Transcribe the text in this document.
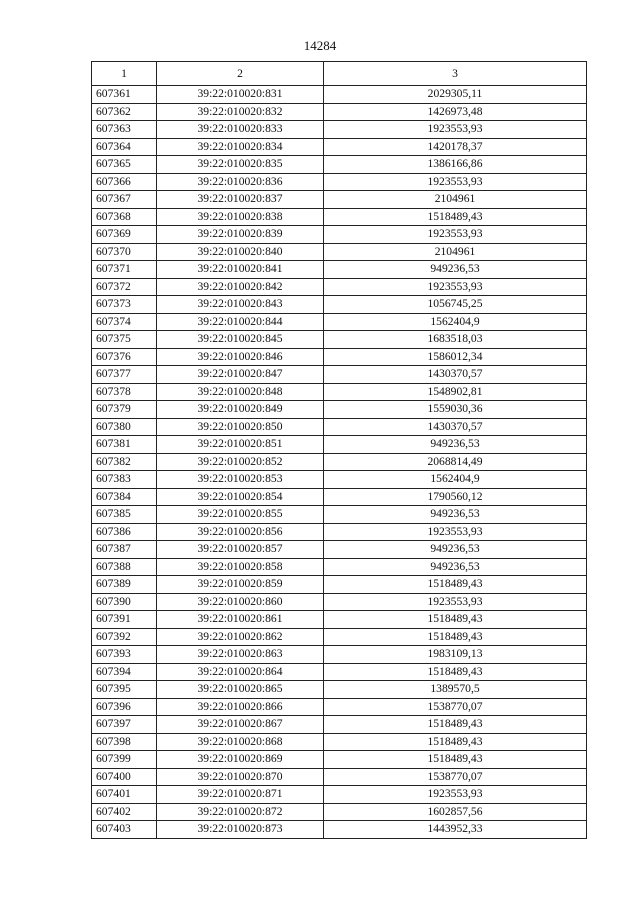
14284
1	2	3
607361	39:22:010020:831	2029305,11
607362	39:22:010020:832	1426973,48
607363	39:22:010020:833	1923553,93
607364	39:22:010020:834	1420178,37
607365	39:22:010020:835	1386166,86
607366	39:22:010020:836	1923553,93
607367	39:22:010020:837	2104961
607368	39:22:010020:838	1518489,43
607369	39:22:010020:839	1923553,93
607370	39:22:010020:840	2104961
607371	39:22:010020:841	949236,53
607372	39:22:010020:842	1923553,93
607373	39:22:010020:843	1056745,25
607374	39:22:010020:844	1562404,9
607375	39:22:010020:845	1683518,03
607376	39:22:010020:846	1586012,34
607377	39:22:010020:847	1430370,57
607378	39:22:010020:848	1548902,81
607379	39:22:010020:849	1559030,36
607380	39:22:010020:850	1430370,57
607381	39:22:010020:851	949236,53
607382	39:22:010020:852	2068814,49
607383	39:22:010020:853	1562404,9
607384	39:22:010020:854	1790560,12
607385	39:22:010020:855	949236,53
607386	39:22:010020:856	1923553,93
607387	39:22:010020:857	949236,53
607388	39:22:010020:858	949236,53
607389	39:22:010020:859	1518489,43
607390	39:22:010020:860	1923553,93
607391	39:22:010020:861	1518489,43
607392	39:22:010020:862	1518489,43
607393	39:22:010020:863	1983109,13
607394	39:22:010020:864	1518489,43
607395	39:22:010020:865	1389570,5
607396	39:22:010020:866	1538770,07
607397	39:22:010020:867	1518489,43
607398	39:22:010020:868	1518489,43
607399	39:22:010020:869	1518489,43
607400	39:22:010020:870	1538770,07
607401	39:22:010020:871	1923553,93
607402	39:22:010020:872	1602857,56
607403	39:22:010020:873	1443952,33
